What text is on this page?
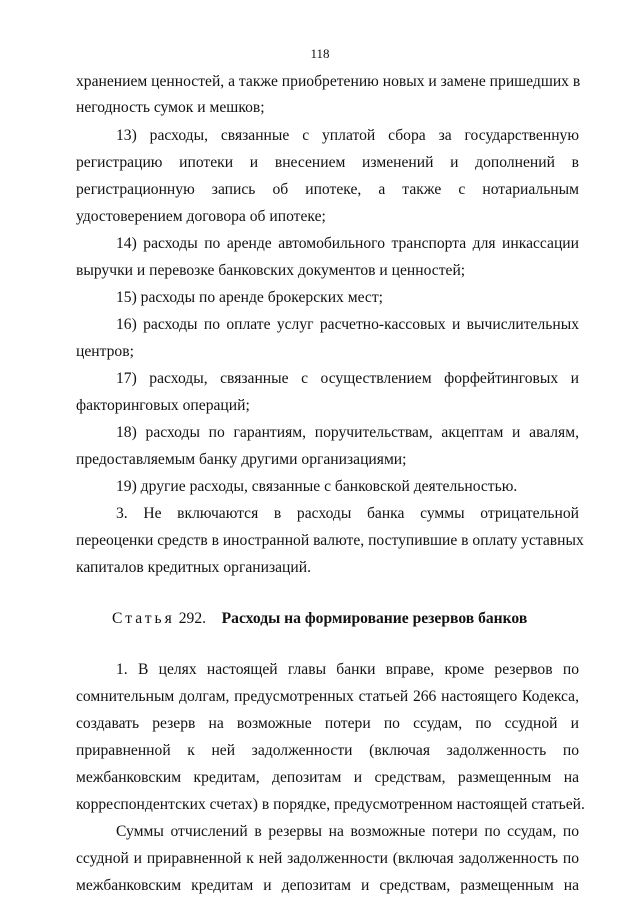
118
хранением ценностей, а также приобретению новых и замене пришедших в
негодность сумок и мешков;
13) расходы, связанные с уплатой сбора за государственную
регистрацию ипотеки и внесением изменений и дополнений в
регистрационную запись об ипотеке, а также с нотариальным
удостоверением договора об ипотеке;
14) расходы по аренде автомобильного транспорта для инкассации
выручки и перевозке банковских документов и ценностей;
15) расходы по аренде брокерских мест;
16) расходы по оплате услуг расчетно-кассовых и вычислительных
центров;
17) расходы, связанные с осуществлением форфейтинговых и
факторинговых операций;
18) расходы по гарантиям, поручительствам, акцептам и авалям,
предоставляемым банку другими организациями;
19) другие расходы, связанные с банковской деятельностью.
3. Не включаются в расходы банка суммы отрицательной
переоценки средств в иностранной валюте, поступившие в оплату уставных
капиталов кредитных организаций.
Статья 292. Расходы на формирование резервов банков
1. В целях настоящей главы банки вправе, кроме резервов по
сомнительным долгам, предусмотренных статьей 266 настоящего Кодекса,
создавать резерв на возможные потери по ссудам, по ссудной и
приравненной к ней задолженности (включая задолженность по
межбанковским кредитам, депозитам и средствам, размещенным на
корреспондентских счетах) в порядке, предусмотренном настоящей статьей.
Суммы отчислений в резервы на возможные потери по ссудам, по
ссудной и приравненной к ней задолженности (включая задолженность по
межбанковским кредитам и депозитам и средствам, размещенным на
